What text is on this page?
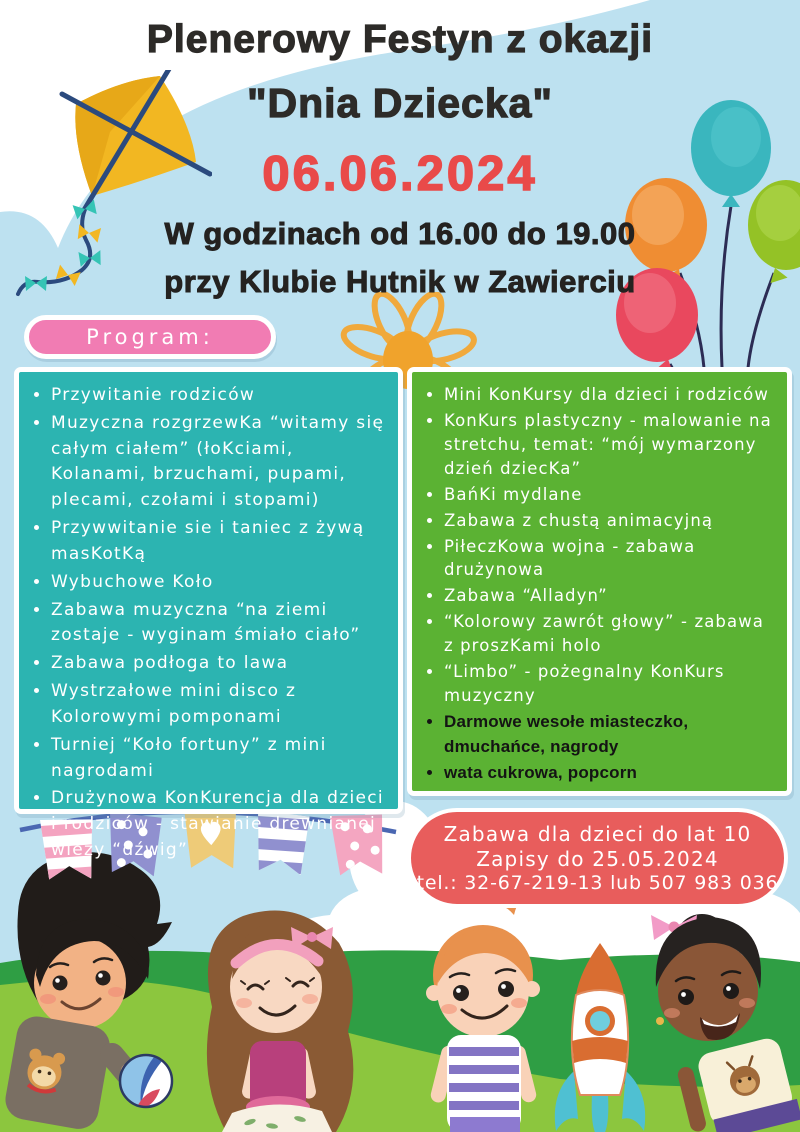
Plenerowy Festyn z okazji
"Dnia Dziecka"
06.06.2024
W godzinach od 16.00 do 19.00
przy Klubie Hutnik w Zawierciu
Program:
• Przywitanie rodziców
• Muzyczna rozgrzewKa “witamy się całym ciałem” (łoKciami, Kolanami, brzuchami, pupami, plecami, czołami i stopami)
• Przywwitanie sie i taniec z żywą masKotKą
• Wybuchowe Koło
• Zabawa muzyczna “na ziemi zostaje - wyginam śmiało ciało”
• Zabawa podłoga to lawa
• Wystrzałowe mini disco z Kolorowymi pomponami
• Turniej “Koło fortuny” z mini nagrodami
• Drużynowa KonKurencja dla dzieci i rodziców - stawianie drewnianej wieży “dźwig”
• Mini KonKursy dla dzieci i rodziców
• KonKurs plastyczny - malowanie na stretchu, temat: “mój wymarzony dzień dziecKa”
• BańKi mydlane
• Zabawa z chustą animacyjną
• PiłeczKowa wojna - zabawa drużynowa
• Zabawa “Alladyn”
• “Kolorowy zawrót głowy” - zabawa z proszKami holo
• “Limbo” - pożegnalny KonKurs muzyczny
• Darmowe wesołe miasteczko, dmuchańce, nagrody
• wata cukrowa, popcorn
Zabawa dla dzieci do lat 10
Zapisy do 25.05.2024
tel.: 32-67-219-13 lub 507 983 036
